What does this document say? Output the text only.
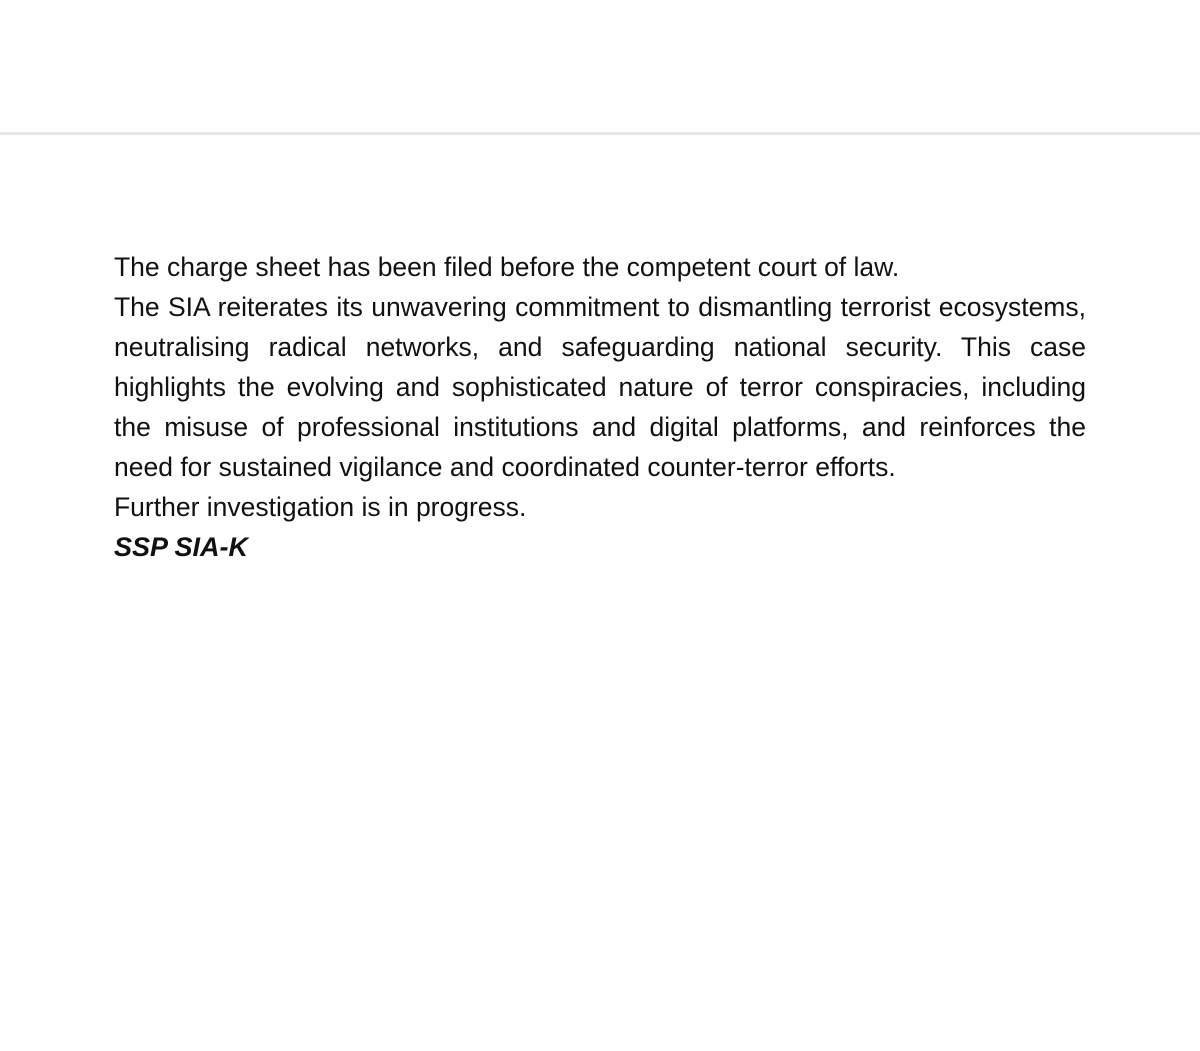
The charge sheet has been filed before the competent court of law.

The SIA reiterates its unwavering commitment to dismantling terrorist ecosystems, neutralising radical networks, and safeguarding national security. This case highlights the evolving and sophisticated nature of terror conspiracies, including the misuse of professional institutions and digital platforms, and reinforces the need for sustained vigilance and coordinated counter-terror efforts.

Further investigation is in progress.

SSP SIA-K
